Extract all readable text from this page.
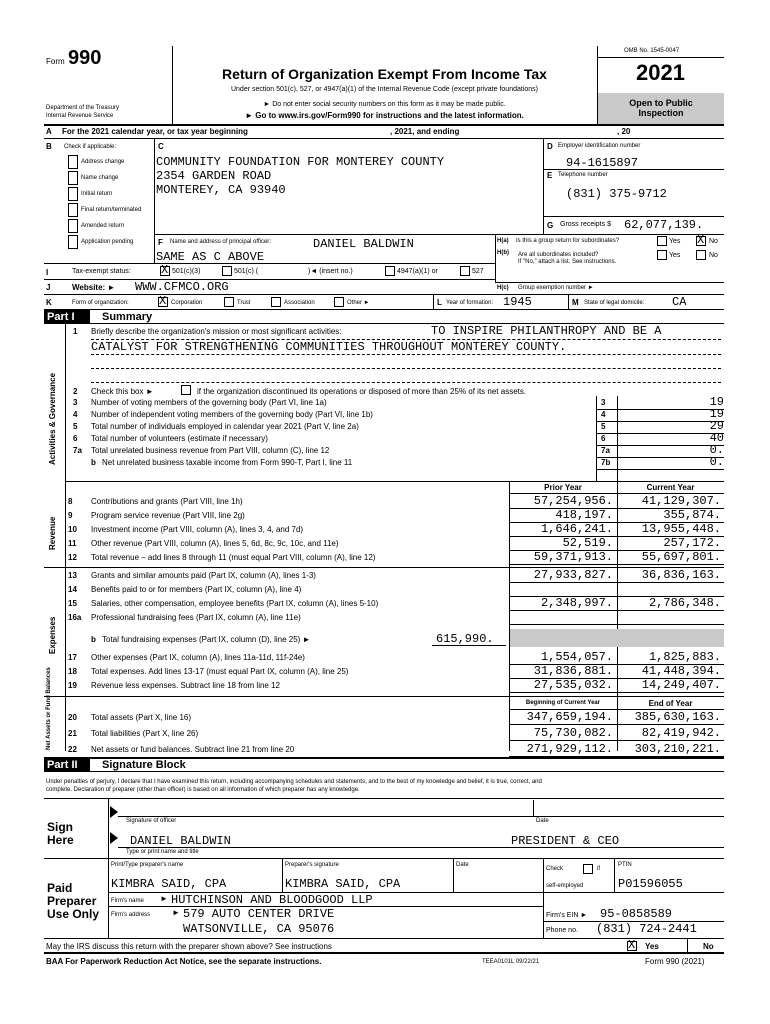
Form 990
Department of the Treasury
Internal Revenue Service
Return of Organization Exempt From Income Tax
Under section 501(c), 527, or 4947(a)(1) of the Internal Revenue Code (except private foundations)
► Do not enter social security numbers on this form as it may be made public.
► Go to www.irs.gov/Form990 for instructions and the latest information.
OMB No. 1545-0047
2021
Open to Public
Inspection
A For the 2021 calendar year, or tax year beginning	, 2021, and ending	, 20
B Check if applicable:	C
COMMUNITY FOUNDATION FOR MONTEREY COUNTY
2354 GARDEN ROAD
MONTEREY, CA 93940
D Employer identification number
94-1615897
E Telephone number
(831) 375-9712
G Gross receipts $ 62,077,139.
F Name and address of principal officer:	DANIEL BALDWIN
SAME AS C ABOVE
H(a) Is this a group return for subordinates?	Yes X No
H(b) Are all subordinates included?
If "No," attach a list. See instructions.
Yes	No
I	Tax-exempt status:	X 501(c)(3)	501(c) (	)◄ (insert no.)	4947(a)(1) or	527
J	Website: ► WWW.CFMCO.ORG	H(c) Group exemption number ►
K	Form of organization:	X Corporation	Trust	Association	Other ►	L Year of formation: 1945	M State of legal domicile: CA
Part I Summary
Activities & Governance
Revenue
Expenses
Net Assets or Fund Balances
1 Briefly describe the organization's mission or most significant activities:	TO INSPIRE PHILANTHROPY AND BE A
CATALYST FOR STRENGTHENING COMMUNITIES THROUGHOUT MONTEREY COUNTY.
2 Check this box ►	if the organization discontinued its operations or disposed of more than 25% of its net assets.
Prior Year	Current Year
b Total fundraising expenses (Part IX, column (D), line 25) ►	615,990.
Beginning of Current Year	End of Year
Part II Signature Block
Under penalties of perjury, I declare that I have examined this return, including accompanying schedules and statements, and to the best of my knowledge and belief, it is true, correct, and
complete. Declaration of preparer (other than officer) is based on all information of which preparer has any knowledge.
Sign
Here
Signature of officer	Date
DANIEL BALDWIN	PRESIDENT & CEO
Type or print name and title
Paid
Preparer
Use Only
Print/Type preparer's name	Preparer's signature	Date
Check	if
self-employed
PTIN
KIMBRA SAID, CPA	KIMBRA SAID, CPA	P01596055
Firm's name ► HUTCHINSON AND BLOODGOOD LLP
Firm's address	► 579 AUTO CENTER DRIVE
WATSONVILLE, CA 95076
Firm's EIN ► 95-0858589
Phone no. (831) 724-2441
May the IRS discuss this return with the preparer shown above? See instructions	X Yes	No
BAA For Paperwork Reduction Act Notice, see the separate instructions.	TEEA0101L 09/22/21	Form 990 (2021)
Address change
Name change
Initial return
Final return/terminated
Amended return
Application pending
3 Number of voting members of the governing body (Part VI, line 1a)	3	19
4 Number of independent voting members of the governing body (Part VI, line 1b)	4	19
5 Total number of individuals employed in calendar year 2021 (Part V, line 2a)	5	29
6 Total number of volunteers (estimate if necessary)	6	40
7a Total unrelated business revenue from Part VIII, column (C), line 12	7a	0.
b Net unrelated business taxable income from Form 990-T, Part I, line 11	7b	0.
8 Contributions and grants (Part VIII, line 1h)	57,254,956.	41,129,307.
9 Program service revenue (Part VIII, line 2g)	418,197.	355,874.
10 Investment income (Part VIII, column (A), lines 3, 4, and 7d)	1,646,241.	13,955,448.
11 Other revenue (Part VIII, column (A), lines 5, 6d, 8c, 9c, 10c, and 11e)	52,519.	257,172.
12 Total revenue – add lines 8 through 11 (must equal Part VIII, column (A), line 12)	59,371,913.	55,697,801.
13 Grants and similar amounts paid (Part IX, column (A), lines 1-3)	27,933,827.	36,836,163.
14 Benefits paid to or for members (Part IX, column (A), line 4)
15 Salaries, other compensation, employee benefits (Part IX, column (A), lines 5-10)	2,348,997.	2,786,348.
16a Professional fundraising fees (Part IX, column (A), line 11e)
17 Other expenses (Part IX, column (A), lines 11a-11d, 11f-24e)	1,554,057.	1,825,883.
18 Total expenses. Add lines 13-17 (must equal Part IX, column (A), line 25)	31,836,881.	41,448,394.
19 Revenue less expenses. Subtract line 18 from line 12	27,535,032.	14,249,407.
20 Total assets (Part X, line 16)	347,659,194.	385,630,163.
21 Total liabilities (Part X, line 26)	75,730,082.	82,419,942.
22 Net assets or fund balances. Subtract line 21 from line 20	271,929,112.	303,210,221.
